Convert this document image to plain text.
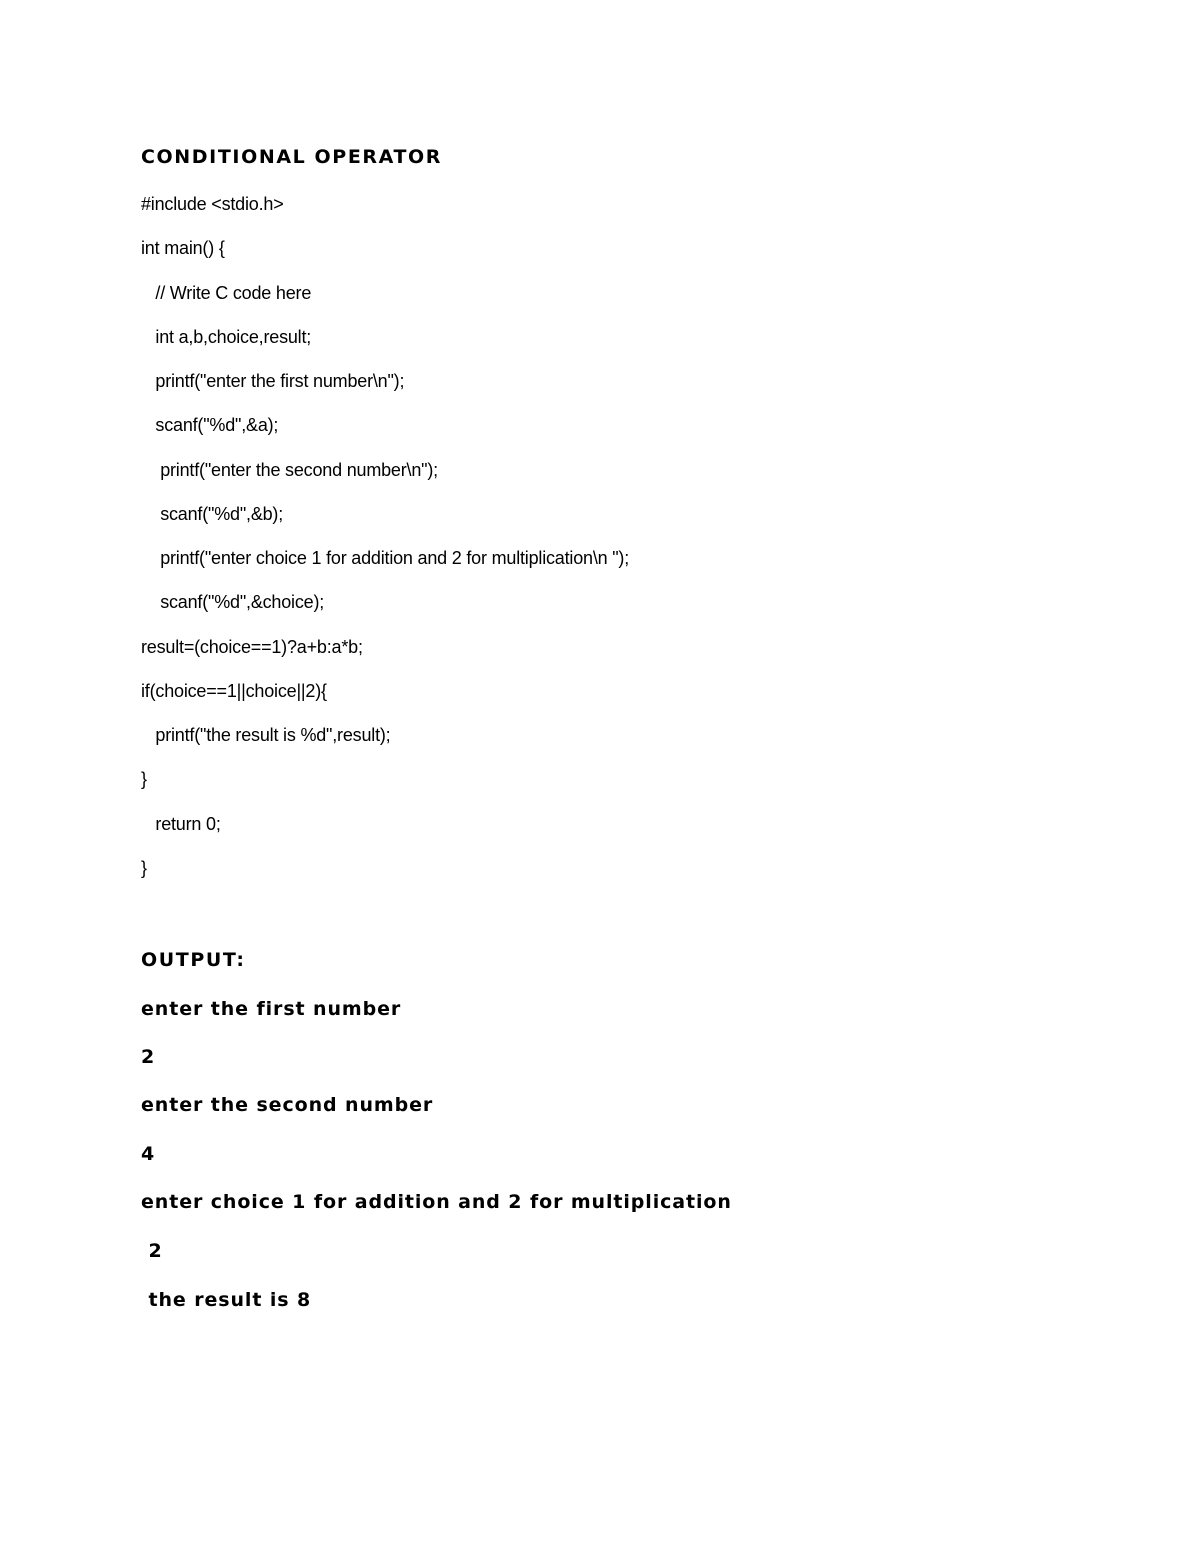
CONDITIONAL OPERATOR
#include <stdio.h>
int main() {
// Write C code here
int a,b,choice,result;
printf("enter the first number\n");
scanf("%d",&a);
printf("enter the second number\n");
scanf("%d",&b);
printf("enter choice 1 for addition and 2 for multiplication\n ");
scanf("%d",&choice);
result=(choice==1)?a+b:a*b;
if(choice==1||choice||2){
printf("the result is %d",result);
}
return 0;
}
OUTPUT:
enter the first number
2
enter the second number
4
enter choice 1 for addition and 2 for multiplication
2
the result is 8
